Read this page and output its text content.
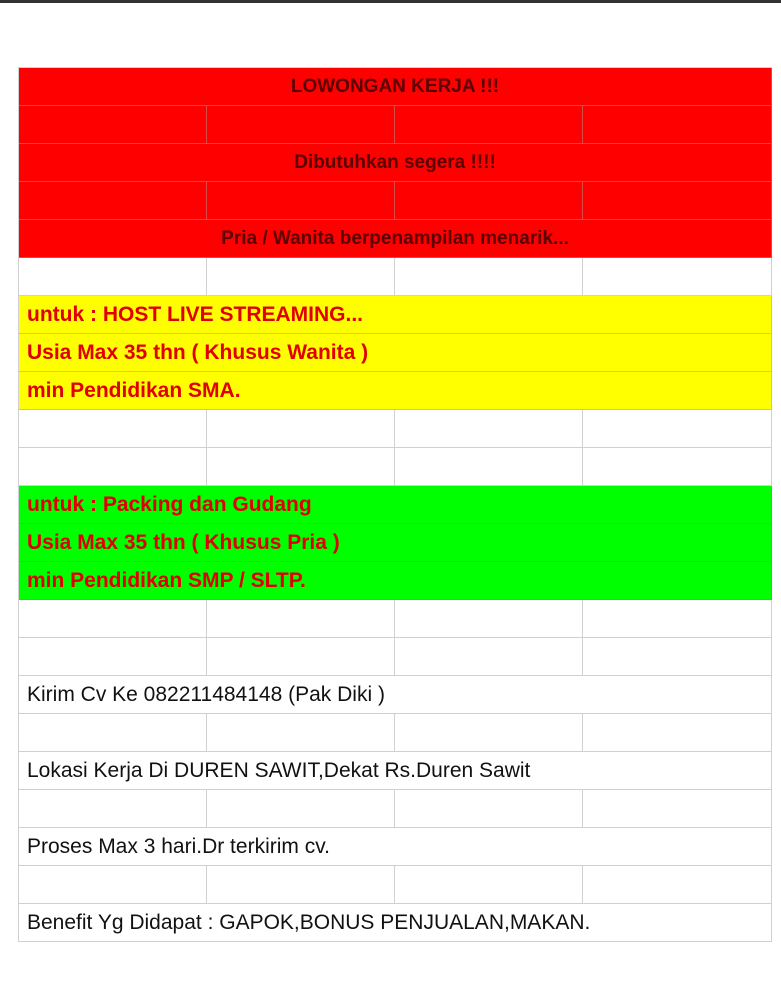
LOWONGAN KERJA !!!
Dibutuhkan segera !!!!
Pria / Wanita berpenampilan menarik...
untuk : HOST LIVE STREAMING...
Usia Max 35 thn ( Khusus Wanita )
min Pendidikan SMA.
untuk : Packing dan Gudang
Usia Max 35 thn ( Khusus Pria )
min Pendidikan SMP / SLTP.
Kirim Cv Ke 082211484148 (Pak Diki )
Lokasi Kerja Di DUREN SAWIT,Dekat Rs.Duren Sawit
Proses Max 3 hari.Dr terkirim cv.
Benefit Yg Didapat : GAPOK,BONUS PENJUALAN,MAKAN.
